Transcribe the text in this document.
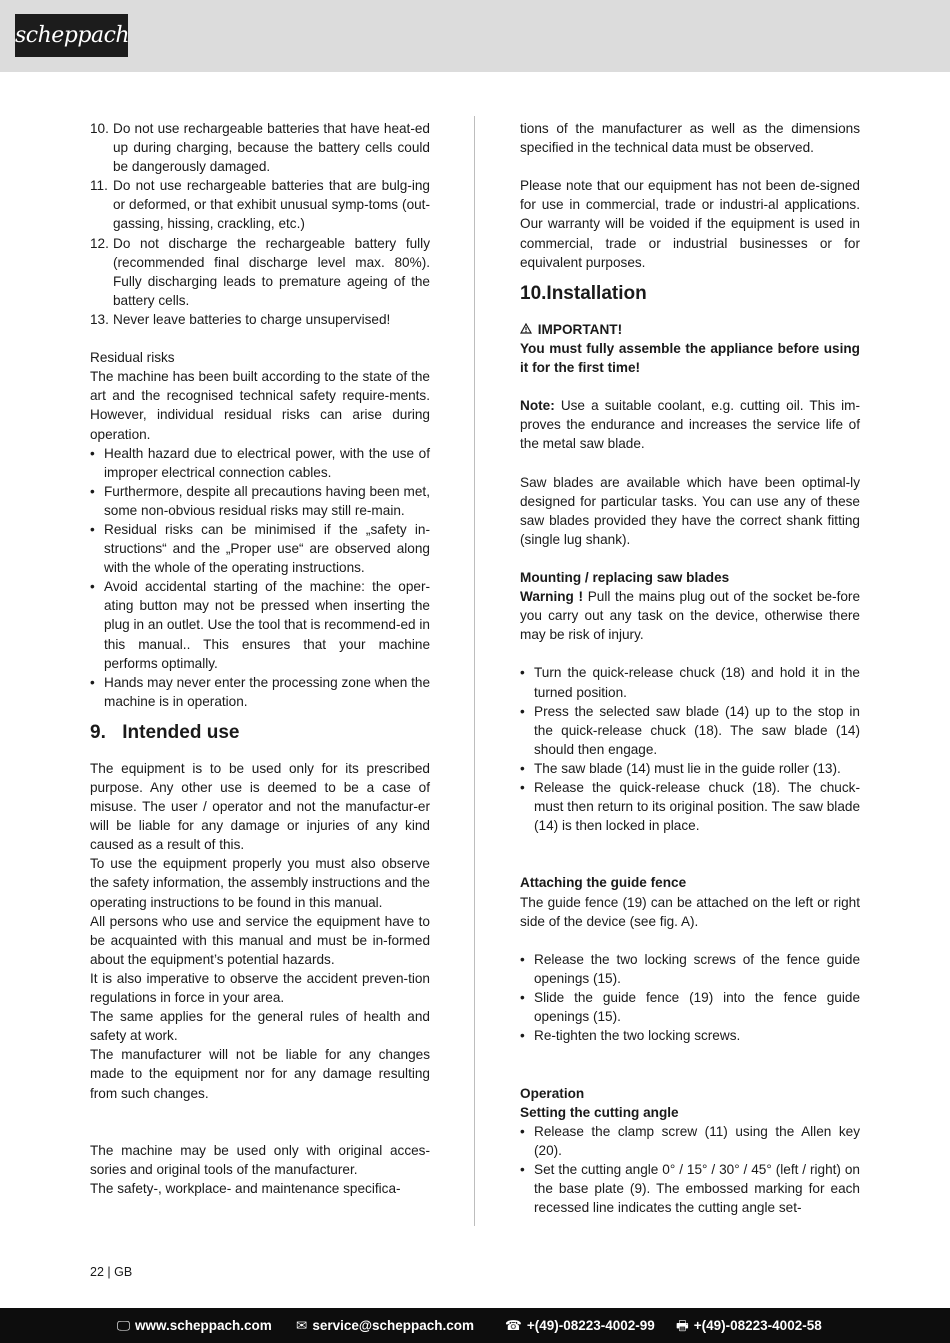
scheppach
10. Do not use rechargeable batteries that have heat-ed up during charging, because the battery cells could be dangerously damaged.
11. Do not use rechargeable batteries that are bulg-ing or deformed, or that exhibit unusual symp-toms (out-gassing, hissing, crackling, etc.)
12. Do not discharge the rechargeable battery fully (recommended final discharge level max. 80%). Fully discharging leads to premature ageing of the battery cells.
13. Never leave batteries to charge unsupervised!

Residual risks

The machine has been built according to the state of the art and the recognised technical safety require-ments. However, individual residual risks can arise during operation.

• Health hazard due to electrical power, with the use of improper electrical connection cables.
• Furthermore, despite all precautions having been met, some non-obvious residual risks may still re-main.
• Residual risks can be minimised if the „safety in-structions“ and the „Proper use“ are observed along with the whole of the operating instructions.
• Avoid accidental starting of the machine: the oper-ating button may not be pressed when inserting the plug in an outlet. Use the tool that is recommend-ed in this manual.. This ensures that your machine performs optimally.
• Hands may never enter the processing zone when the machine is in operation.
9. Intended use

The equipment is to be used only for its prescribed purpose. Any other use is deemed to be a case of misuse. The user / operator and not the manufactur-er will be liable for any damage or injuries of any kind caused as a result of this.

To use the equipment properly you must also observe the safety information, the assembly instructions and the operating instructions to be found in this manual.

All persons who use and service the equipment have to be acquainted with this manual and must be in-formed about the equipment’s potential hazards.

It is also imperative to observe the accident preven-tion regulations in force in your area.

The same applies for the general rules of health and safety at work.

The manufacturer will not be liable for any changes made to the equipment nor for any damage resulting from such changes.

The machine may be used only with original acces-sories and original tools of the manufacturer.

The safety-, workplace- and maintenance specifica-

tions of the manufacturer as well as the dimensions specified in the technical data must be observed.

Please note that our equipment has not been de-signed for use in commercial, trade or industri-al applications. Our warranty will be voided if the equipment is used in commercial, trade or industrial businesses or for equivalent purposes.

10.Installation

IMPORTANT!

You must fully assemble the appliance before using it for the first time!

Note: Use a suitable coolant, e.g. cutting oil. This im-proves the endurance and increases the service life of the metal saw blade.

Saw blades are available which have been optimal-ly designed for particular tasks. You can use any of these saw blades provided they have the correct shank fitting (single lug shank).

Mounting / replacing saw blades

Warning ! Pull the mains plug out of the socket be-fore you carry out any task on the device, otherwise there may be risk of injury.

• Turn the quick-release chuck (18) and hold it in the turned position.
• Press the selected saw blade (14) up to the stop in the quick-release chuck (18). The saw blade (14) should then engage.
• The saw blade (14) must lie in the guide roller (13).
• Release the quick-release chuck (18). The chuck-must then return to its original position. The saw blade (14) is then locked in place.

Attaching the guide fence

The guide fence (19) can be attached on the left or right side of the device (see fig. A).

• Release the two locking screws of the fence guide openings (15).
• Slide the guide fence (19) into the fence guide openings (15).
• Re-tighten the two locking screws.

Operation

Setting the cutting angle

• Release the clamp screw (11) using the Allen key (20).
• Set the cutting angle 0° / 15° / 30° / 45° (left / right) on the base plate (9). The embossed marking for each recessed line indicates the cutting angle set-
22 | GB
🖵 www.scheppach.com ✉ service@scheppach.com ☎ +(49)-08223-4002-99 🖶 +(49)-08223-4002-58
